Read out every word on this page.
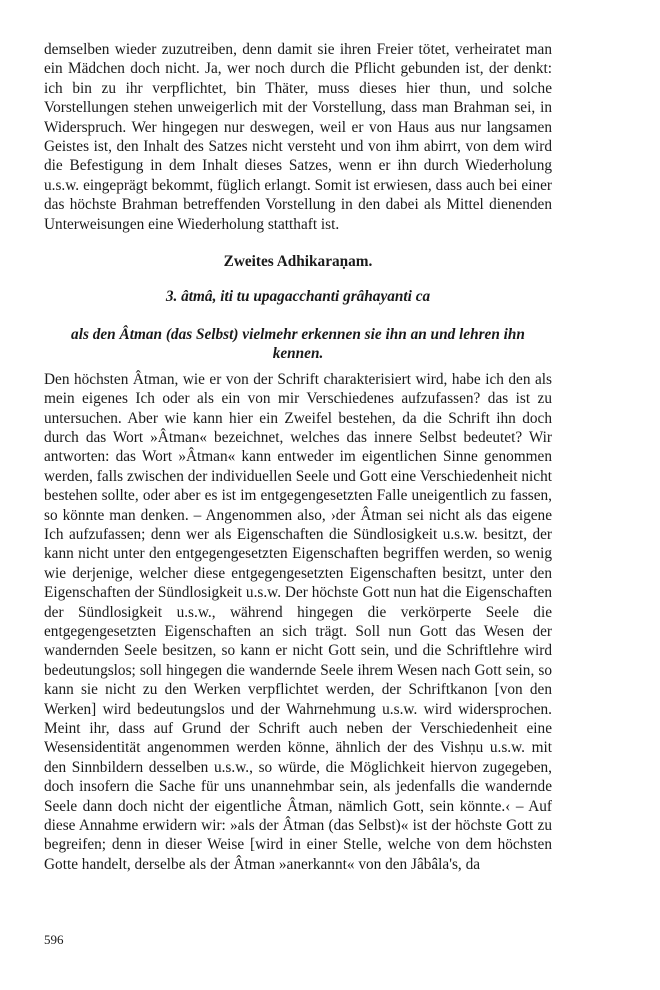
demselben wieder zuzutreiben, denn damit sie ihren Freier tötet, verheiratet man ein Mädchen doch nicht. Ja, wer noch durch die Pflicht gebunden ist, der denkt: ich bin zu ihr verpflichtet, bin Thäter, muss dieses hier thun, und solche Vorstellungen stehen unweigerlich mit der Vorstellung, dass man Brahman sei, in Widerspruch. Wer hingegen nur deswegen, weil er von Haus aus nur langsamen Geistes ist, den Inhalt des Satzes nicht versteht und von ihm abirrt, von dem wird die Befestigung in dem Inhalt dieses Satzes, wenn er ihn durch Wiederholung u.s.w. eingeprägt bekommt, füglich erlangt. Somit ist erwiesen, dass auch bei einer das höchste Brahman betreffenden Vorstellung in den dabei als Mittel dienenden Unterweisungen eine Wiederholung statthaft ist.

Zweites Adhikaraṇam.

3. âtmâ, iti tu upagacchanti grâhayanti ca

als den Âtman (das Selbst) vielmehr erkennen sie ihn an und lehren ihn kennen.

Den höchsten Âtman, wie er von der Schrift charakterisiert wird, habe ich den als mein eigenes Ich oder als ein von mir Verschiedenes aufzufassen? das ist zu untersuchen. Aber wie kann hier ein Zweifel bestehen, da die Schrift ihn doch durch das Wort »Âtman« bezeichnet, welches das innere Selbst bedeutet? Wir antworten: das Wort »Âtman« kann entweder im eigentlichen Sinne genommen werden, falls zwischen der individuellen Seele und Gott eine Verschiedenheit nicht bestehen sollte, oder aber es ist im entgegengesetzten Falle uneigentlich zu fassen, so könnte man denken. – Angenommen also, ›der Âtman sei nicht als das eigene Ich aufzufassen; denn wer als Eigenschaften die Sündlosigkeit u.s.w. besitzt, der kann nicht unter den entgegengesetzten Eigenschaften begriffen werden, so wenig wie derjenige, welcher diese entgegengesetzten Eigenschaften besitzt, unter den Eigenschaften der Sündlosigkeit u.s.w. Der höchste Gott nun hat die Eigenschaften der Sündlosigkeit u.s.w., während hingegen die verkörperte Seele die entgegengesetzten Eigenschaften an sich trägt. Soll nun Gott das Wesen der wandernden Seele besitzen, so kann er nicht Gott sein, und die Schriftlehre wird bedeutungslos; soll hingegen die wandernde Seele ihrem Wesen nach Gott sein, so kann sie nicht zu den Werken verpflichtet werden, der Schriftkanon [von den Werken] wird bedeutungslos und der Wahrnehmung u.s.w. wird widersprochen. Meint ihr, dass auf Grund der Schrift auch neben der Verschiedenheit eine Wesensidentität angenommen werden könne, ähnlich der des Vishṇu u.s.w. mit den Sinnbildern desselben u.s.w., so würde, die Möglichkeit hiervon zugegeben, doch insofern die Sache für uns unannehmbar sein, als jedenfalls die wandernde Seele dann doch nicht der eigentliche Âtman, nämlich Gott, sein könnte.‹ – Auf diese Annahme erwidern wir: »als der Âtman (das Selbst)« ist der höchste Gott zu begreifen; denn in dieser Weise [wird in einer Stelle, welche von dem höchsten Gotte handelt, derselbe als der Âtman »anerkannt« von den Jâbâla's, da

596
